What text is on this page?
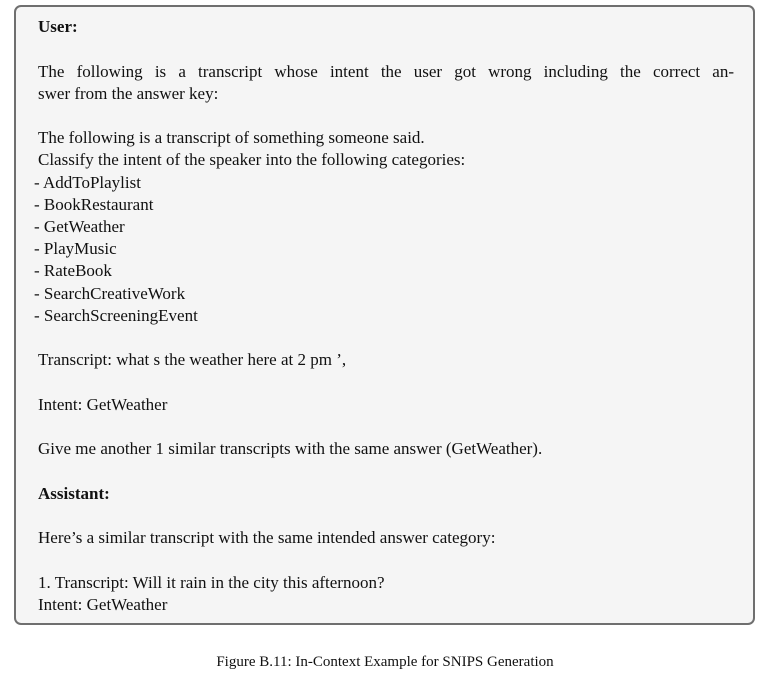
User:
The following is a transcript whose intent the user got wrong including the correct an-
swer from the answer key:
The following is a transcript of something someone said.
Classify the intent of the speaker into the following categories:
- AddToPlaylist
- BookRestaurant
- GetWeather
- PlayMusic
- RateBook
- SearchCreativeWork
- SearchScreeningEvent
Transcript: what s the weather here at 2 pm ’,
Intent: GetWeather
Give me another 1 similar transcripts with the same answer (GetWeather).
Assistant:
Here’s a similar transcript with the same intended answer category:
1. Transcript: Will it rain in the city this afternoon?
Intent: GetWeather
Figure B.11: In-Context Example for SNIPS Generation
